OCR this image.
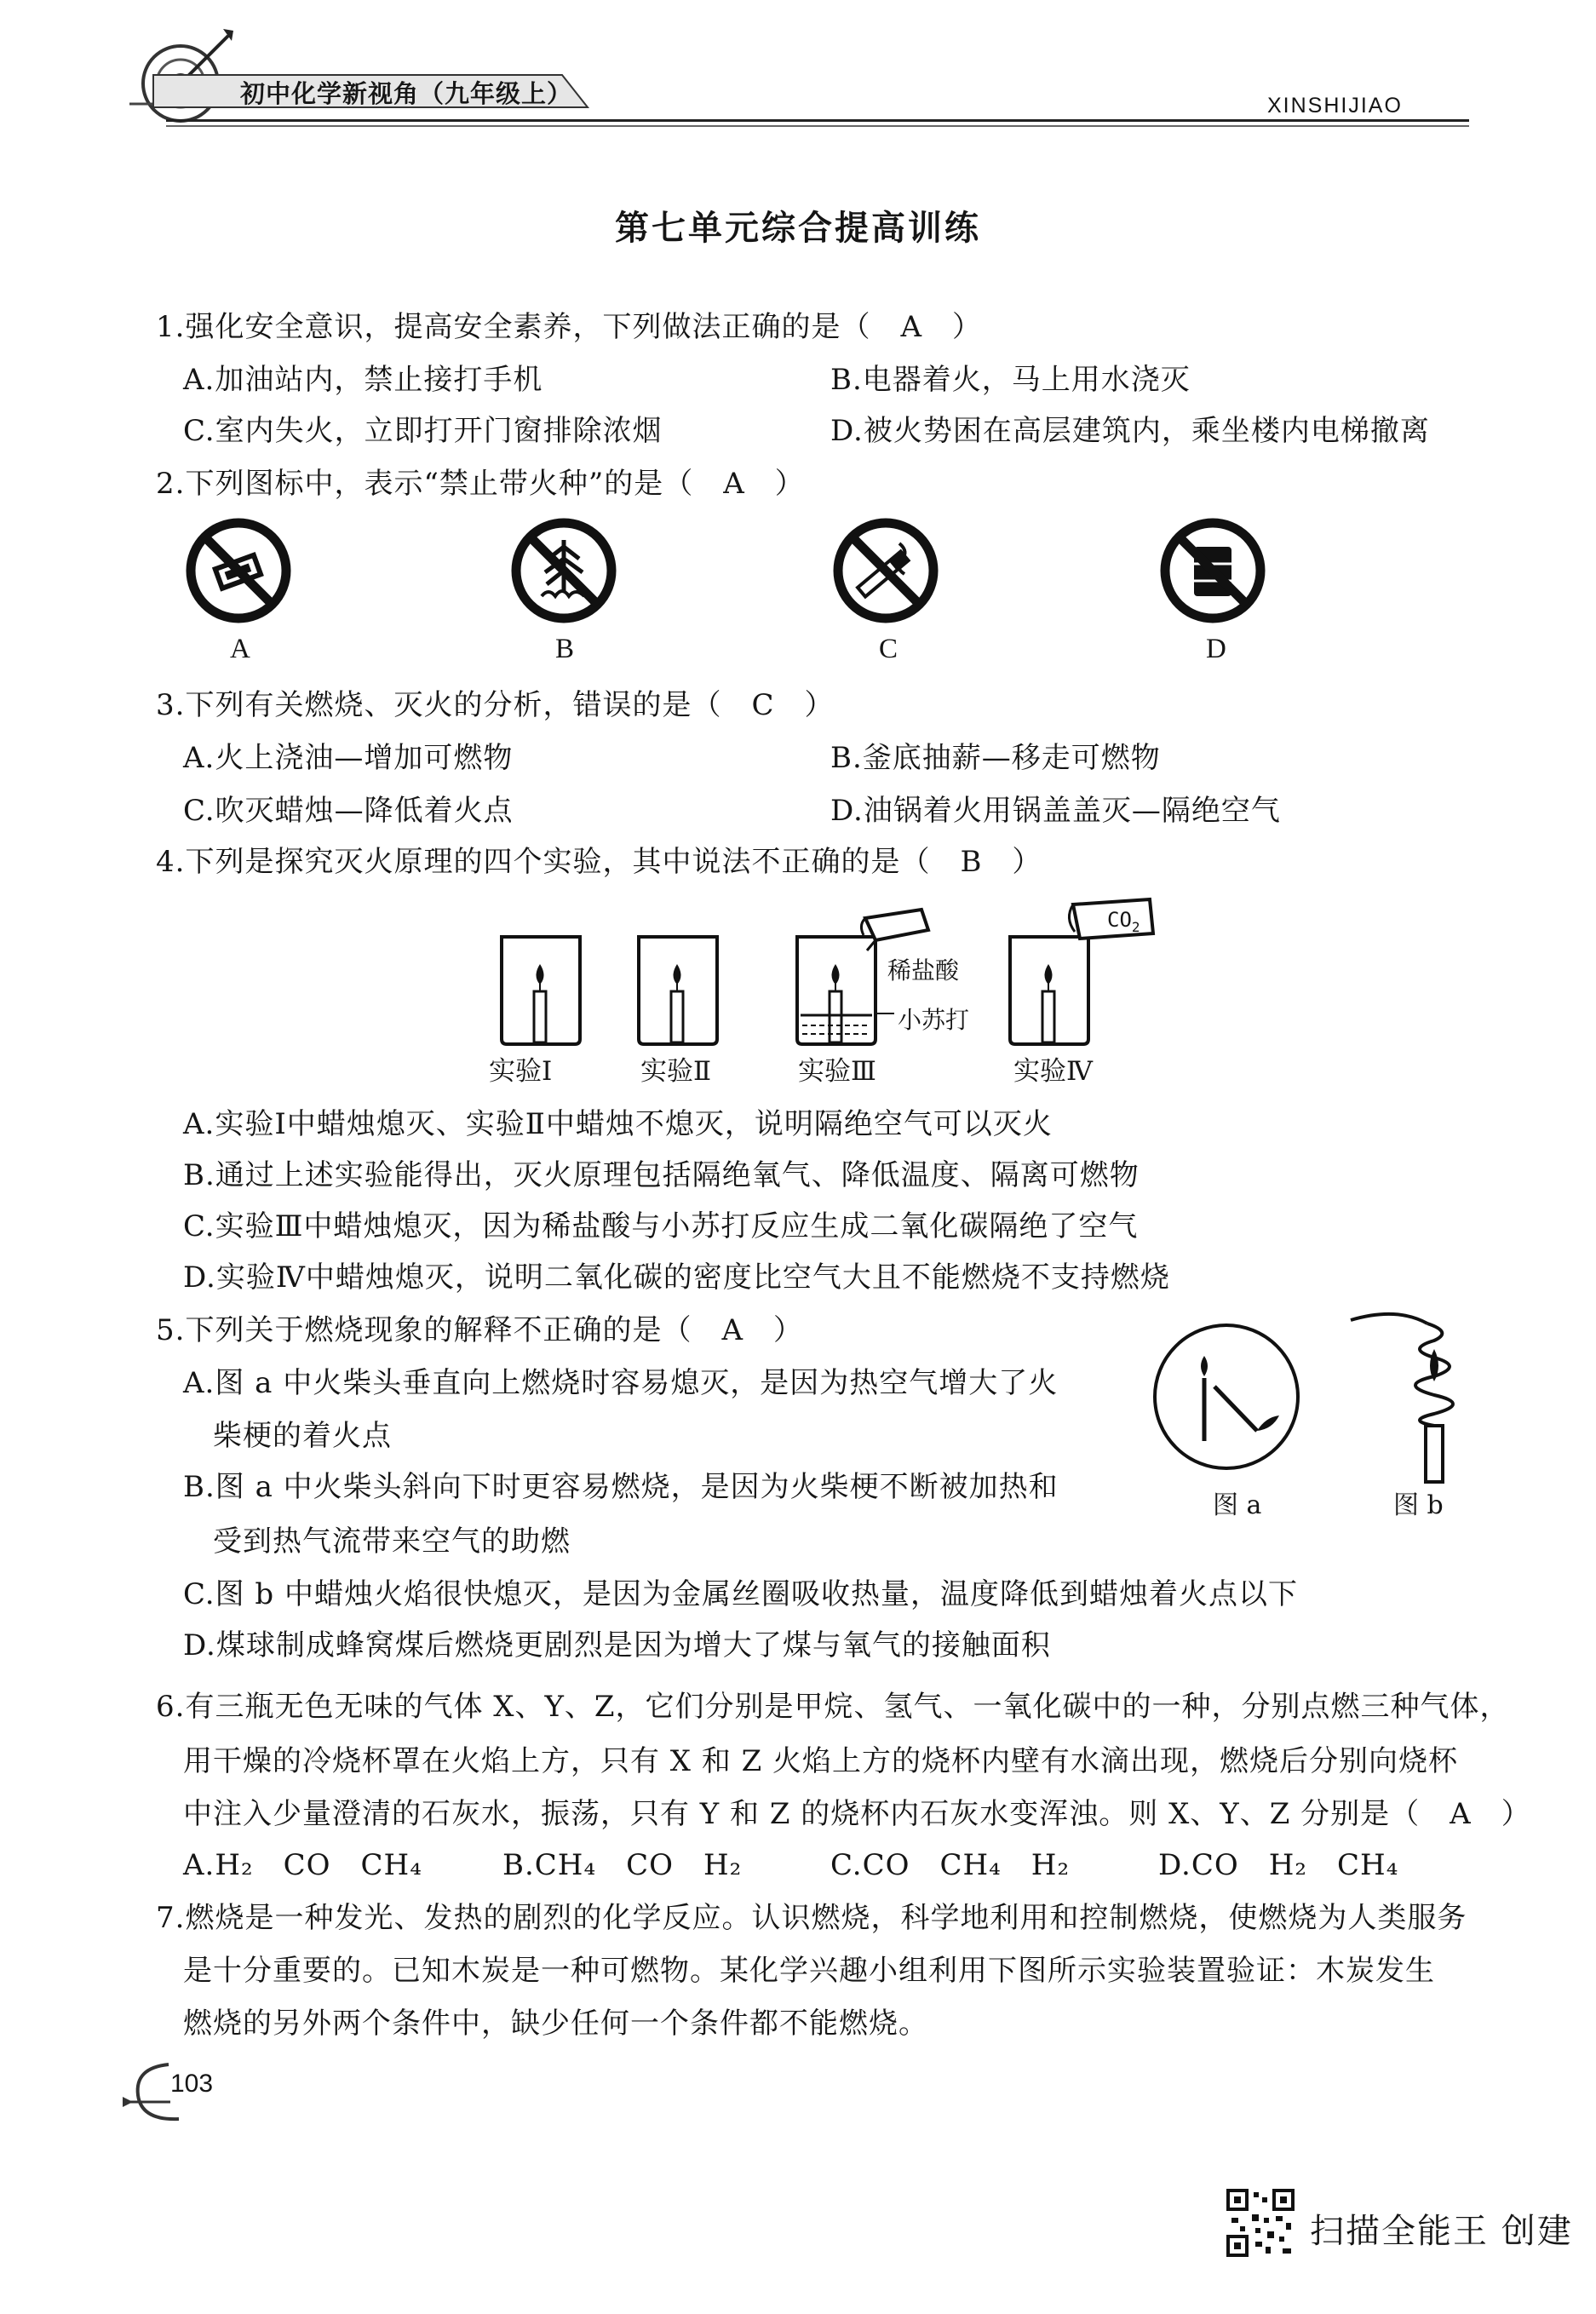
初中化学新视角（九年级上）	XINSHIJIAO
第七单元综合提高训练
1.强化安全意识，提高安全素养，下列做法正确的是（　A　）
A.加油站内，禁止接打手机	B.电器着火，马上用水浇灭
C.室内失火，立即打开门窗排除浓烟	D.被火势困在高层建筑内，乘坐楼内电梯撤离
2.下列图标中，表示“禁止带火种”的是（　A　）
A	B	C	D
3.下列有关燃烧、灭火的分析，错误的是（　C　）
A.火上浇油—增加可燃物	B.釜底抽薪—移走可燃物
C.吹灭蜡烛—降低着火点	D.油锅着火用锅盖盖灭—隔绝空气
4.下列是探究灭火原理的四个实验，其中说法不正确的是（　B　）
稀盐酸
小苏打
$CO_2$
实验Ⅰ	实验Ⅱ	实验Ⅲ	实验Ⅳ
A.实验Ⅰ中蜡烛熄灭、实验Ⅱ中蜡烛不熄灭，说明隔绝空气可以灭火
B.通过上述实验能得出，灭火原理包括隔绝氧气、降低温度、隔离可燃物
C.实验Ⅲ中蜡烛熄灭，因为稀盐酸与小苏打反应生成二氧化碳隔绝了空气
D.实验Ⅳ中蜡烛熄灭，说明二氧化碳的密度比空气大且不能燃烧不支持燃烧
5.下列关于燃烧现象的解释不正确的是（　A　）
A.图 a 中火柴头垂直向上燃烧时容易熄灭，是因为热空气增大了火
柴梗的着火点
B.图 a 中火柴头斜向下时更容易燃烧，是因为火柴梗不断被加热和
受到热气流带来空气的助燃
C.图 b 中蜡烛火焰很快熄灭，是因为金属丝圈吸收热量，温度降低到蜡烛着火点以下
D.煤球制成蜂窝煤后燃烧更剧烈是因为增大了煤与氧气的接触面积
图 a	图 b
6.有三瓶无色无味的气体 X、Y、Z，它们分别是甲烷、氢气、一氧化碳中的一种，分别点燃三种气体，
用干燥的冷烧杯罩在火焰上方，只有 X 和 Z 火焰上方的烧杯内壁有水滴出现，燃烧后分别向烧杯
中注入少量澄清的石灰水，振荡，只有 Y 和 Z 的烧杯内石灰水变浑浊。则 X、Y、Z 分别是（　A　）
A.H₂　CO　CH₄	B.CH₄　CO　H₂	C.CO　CH₄　H₂	D.CO　H₂　CH₄
7.燃烧是一种发光、发热的剧烈的化学反应。认识燃烧，科学地利用和控制燃烧，使燃烧为人类服务
是十分重要的。已知木炭是一种可燃物。某化学兴趣小组利用下图所示实验装置验证：木炭发生
燃烧的另外两个条件中，缺少任何一个条件都不能燃烧。
103
扫描全能王 创建
